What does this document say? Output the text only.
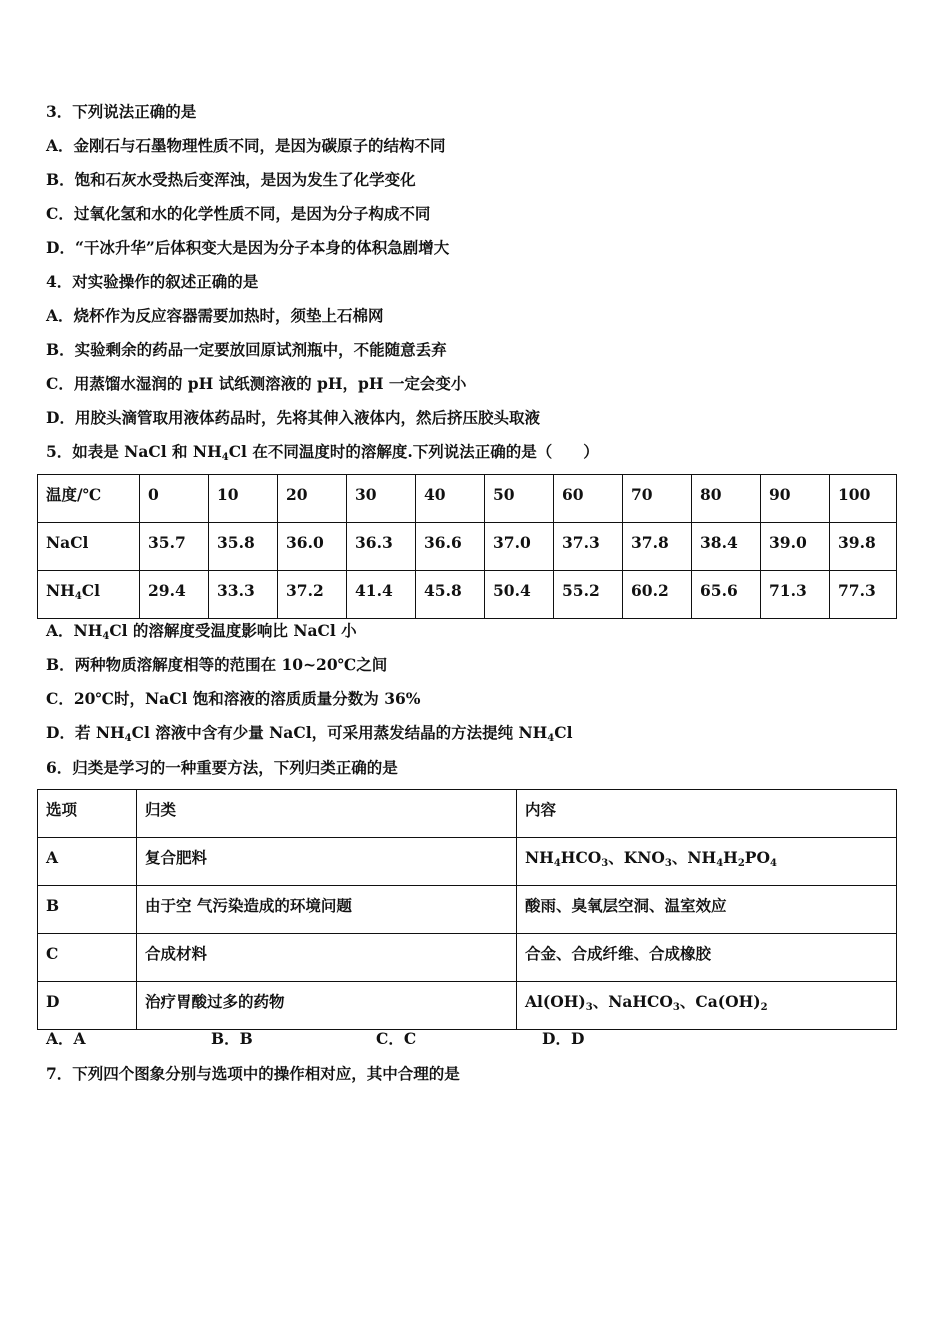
3．下列说法正确的是
A．金刚石与石墨物理性质不同，是因为碳原子的结构不同
B．饱和石灰水受热后变浑浊，是因为发生了化学变化
C．过氧化氢和水的化学性质不同，是因为分子构成不同
D．“干冰升华”后体积变大是因为分子本身的体积急剧增大
4．对实验操作的叙述正确的是
A．烧杯作为反应容器需要加热时，须垫上石棉网
B．实验剩余的药品一定要放回原试剂瓶中，不能随意丢弃
C．用蒸馏水湿润的 pH 试纸测溶液的 pH，pH 一定会变小
D．用胶头滴管取用液体药品时，先将其伸入液体内，然后挤压胶头取液
5．如表是 NaCl 和 $NH_4Cl$ 在不同温度时的溶解度.下列说法正确的是（　　）
温度/℃	0	10	20	30	40	50	60	70	80	90	100

NaCl	35.7	35.8	36.0	36.3	36.6	37.0	37.3	37.8	38.4	39.0	39.8

$NH_4Cl$	29.4	33.3	37.2	41.4	45.8	50.4	55.2	60.2	65.6	71.3	77.3
A．$NH_4Cl$ 的溶解度受温度影响比 NaCl 小
B．两种物质溶解度相等的范围在 10~20℃之间
C．20℃时，NaCl 饱和溶液的溶质质量分数为 36%
D．若 $NH_4Cl$ 溶液中含有少量 NaCl，可采用蒸发结晶的方法提纯 $NH_4Cl$
6．归类是学习的一种重要方法，下列归类正确的是
选项	归类	内容

A	复合肥料	$NH_4HCO_3$、$KNO_3$、$NH_4H_2PO_4$

B	由于空 气污染造成的环境问题	酸雨、臭氧层空洞、温室效应

C	合成材料	合金、合成纤维、合成橡胶

D	治疗胃酸过多的药物	$Al(OH)_3$、NaHCO$_3$、$Ca(OH)_2$
A．A	B．B	C．C	D．D
7．下列四个图象分别与选项中的操作相对应，其中合理的是
